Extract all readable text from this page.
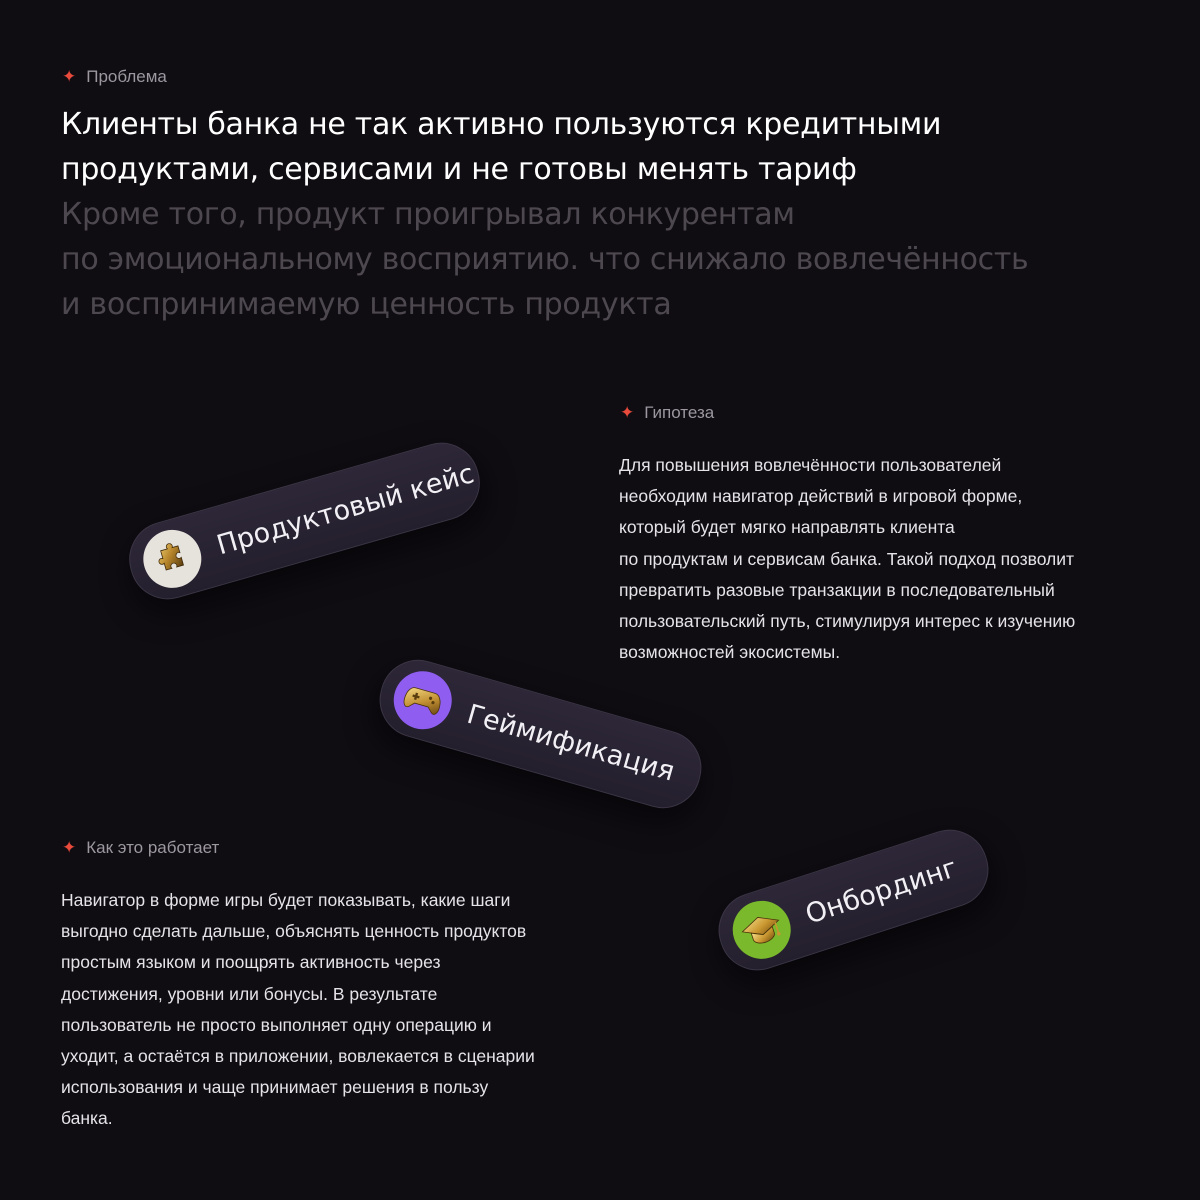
✦ Проблема
Клиенты банка не так активно пользуются кредитными
продуктами, сервисами и не готовы менять тариф
Кроме того, продукт проигрывал конкурентам
по эмоциональному восприятию. что снижало вовлечённость
и воспринимаемую ценность продукта
✦ Гипотеза
Для повышения вовлечённости пользователей
необходим навигатор действий в игровой форме,
который будет мягко направлять клиента
по продуктам и сервисам банка. Такой подход позволит
превратить разовые транзакции в последовательный
пользовательский путь, стимулируя интерес к изучению
возможностей экосистемы.
✦ Как это работает
Навигатор в форме игры будет показывать, какие шаги
выгодно сделать дальше, объяснять ценность продуктов
простым языком и поощрять активность через
достижения, уровни или бонусы. В результате
пользователь не просто выполняет одну операцию и
уходит, а остаётся в приложении, вовлекается в сценарии
использования и чаще принимает решения в пользу
банка.
Продуктовый кейс
Геймификация
Онбординг
